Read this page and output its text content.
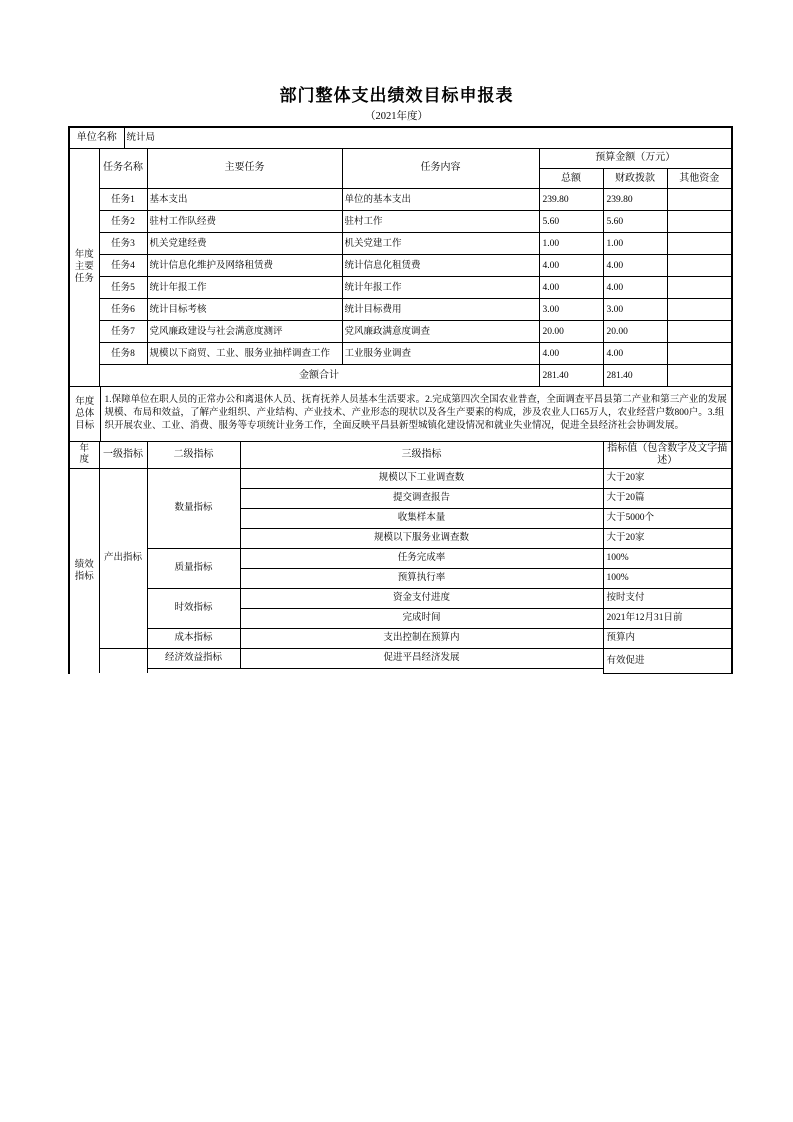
部门整体支出绩效目标申报表
（2021年度）
单位名称	统计局
年度主要任务	任务名称	主要任务	任务内容	预算金额（万元）		
				总额	财政拨款	其他资金
	任务1	基本支出	单位的基本支出	239.80	239.80	
	任务2	驻村工作队经费	驻村工作	5.60	5.60	
	任务3	机关党建经费	机关党建工作	1.00	1.00	
	任务4	统计信息化维护及网络租赁费	统计信息化租赁费	4.00	4.00	
	任务5	统计年报工作	统计年报工作	4.00	4.00	
	任务6	统计目标考核	统计目标费用	3.00	3.00	
	任务7	党风廉政建设与社会满意度测评	党风廉政满意度调查	20.00	20.00	
	任务8	规模以下商贸、工业、服务业抽样调查工作	工业服务业调查	4.00	4.00	
	金额合计			281.40	281.40	
年度总体目标	1.保障单位在职人员的正常办公和离退休人员、抚育抚养人员基本生活要求。2.完成第四次全国农业普查，全面调查平昌县第二产业和第三产业的发展规模、布局和效益，了解产业组织、产业结构、产业技术、产业形态的现状以及各生产要素的构成，涉及农业人口65万人，农业经营户数800户。3.组织开展农业、工业、消费、服务等专项统计业务工作，全面反映平昌县新型城镇化建设情况和就业失业情况，促进全县经济社会协调发展。
年度	一级指标	二级指标	三级指标	指标值（包含数字及文字描述）
绩效指标	产出指标	数量指标	规模以下工业调查数	大于20家
			提交调查报告	大于20篇
			收集样本量	大于5000个
			规模以下服务业调查数	大于20家
		质量指标	任务完成率	100%
			预算执行率	100%
		时效指标	资金支付进度	按时支付
			完成时间	2021年12月31日前
		成本指标	支出控制在预算内	预算内
		经济效益指标	促进平昌经济发展	有效促进
